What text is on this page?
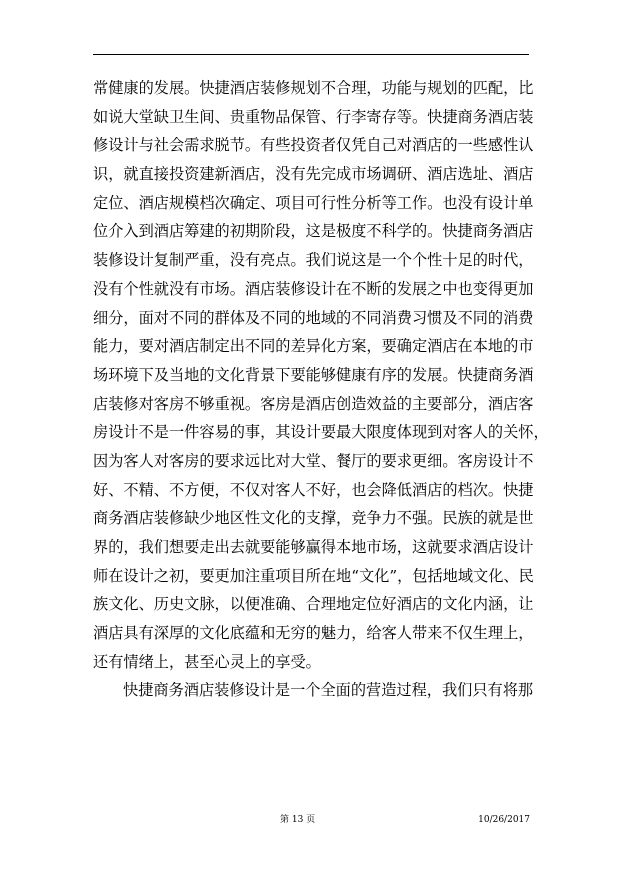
常健康的发展。快捷酒店装修规划不合理，功能与规划的匹配，比
如说大堂缺卫生间、贵重物品保管、行李寄存等。快捷商务酒店装
修设计与社会需求脱节。有些投资者仅凭自己对酒店的一些感性认
识，就直接投资建新酒店，没有先完成市场调研、酒店选址、酒店
定位、酒店规模档次确定、项目可行性分析等工作。也没有设计单
位介入到酒店筹建的初期阶段，这是极度不科学的。快捷商务酒店
装修设计复制严重，没有亮点。我们说这是一个个性十足的时代，
没有个性就没有市场。酒店装修设计在不断的发展之中也变得更加
细分，面对不同的群体及不同的地域的不同消费习惯及不同的消费
能力，要对酒店制定出不同的差异化方案，要确定酒店在本地的市
场环境下及当地的文化背景下要能够健康有序的发展。快捷商务酒
店装修对客房不够重视。客房是酒店创造效益的主要部分，酒店客
房设计不是一件容易的事，其设计要最大限度体现到对客人的关怀，
因为客人对客房的要求远比对大堂、餐厅的要求更细。客房设计不
好、不精、不方便，不仅对客人不好，也会降低酒店的档次。快捷
商务酒店装修缺少地区性文化的支撑，竞争力不强。民族的就是世
界的，我们想要走出去就要能够赢得本地市场，这就要求酒店设计
师在设计之初，要更加注重项目所在地“文化”，包括地域文化、民
族文化、历史文脉，以便准确、合理地定位好酒店的文化内涵，让
酒店具有深厚的文化底蕴和无穷的魅力，给客人带来不仅生理上，
还有情绪上，甚至心灵上的享受。
快捷商务酒店装修设计是一个全面的营造过程，我们只有将那
第 13 页	10/26/2017
